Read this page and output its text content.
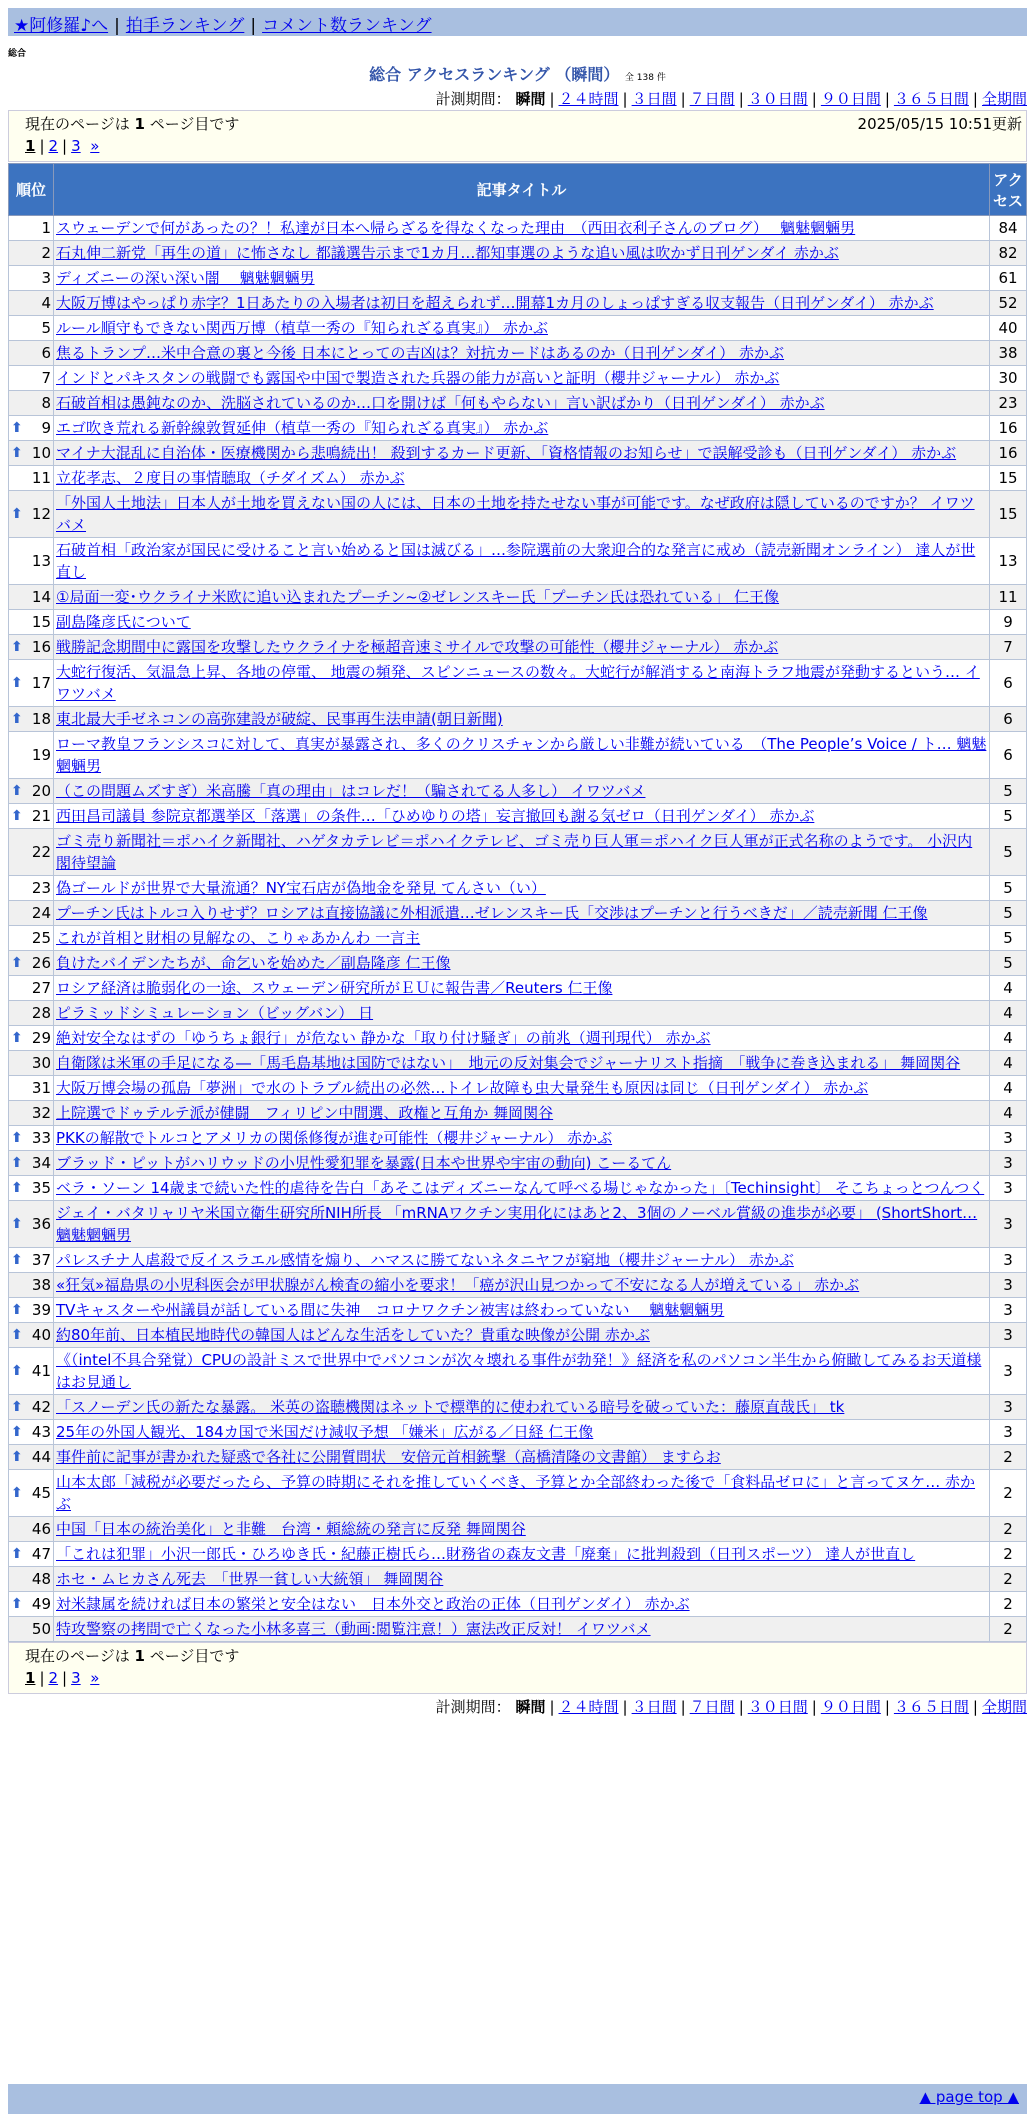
★阿修羅♪へ | 拍手ランキング | コメント数ランキング
総合
総合 アクセスランキング （瞬間） 全 138 件
計測期間： 瞬間 | ２４時間 | ３日間 | ７日間 | ３０日間 | ９０日間 | ３６５日間 | 全期間
現在のページは 1 ページ目です	2025/05/15 10:51更新
1 | 2 | 3 »
順位	記事タイトル	アクセス
1	スウェーデンで何があったの？！私達が日本へ帰らざるを得なくなった理由　（西田衣利子さんのブログ）　 魑魅魍魎男	84
2	石丸伸二新党「再生の道」に怖さなし 都議選告示まで1カ月…都知事選のような追い風は吹かず日刊ゲンダイ 赤かぶ	82
3	ディズニーの深い深い闇　 魑魅魍魎男	61
4	大阪万博はやっぱり赤字？1日あたりの入場者は初日を超えられず…開幕1カ月のしょっぱすぎる収支報告（日刊ゲンダイ） 赤かぶ	52
5	ルール順守もできない関西万博（植草一秀の『知られざる真実』） 赤かぶ	40
6	焦るトランプ…米中合意の裏と今後 日本にとっての吉凶は？対抗カードはあるのか（日刊ゲンダイ） 赤かぶ	38
7	インドとパキスタンの戦闘でも露国や中国で製造された兵器の能力が高いと証明（櫻井ジャーナル） 赤かぶ	30
8	石破首相は愚鈍なのか、洗脳されているのか…口を開けば「何もやらない」言い訳ばかり（日刊ゲンダイ） 赤かぶ	23

⬆ 9	エゴ吹き荒れる新幹線敦賀延伸（植草一秀の『知られざる真実』） 赤かぶ	16

⬆ 10	マイナ大混乱に自治体・医療機関から悲鳴続出！ 殺到するカード更新、「資格情報のお知らせ」で誤解受診も（日刊ゲンダイ） 赤かぶ	16
11	立花孝志、２度目の事情聴取（チダイズム） 赤かぶ	15

⬆ 12	「外国人土地法」日本人が土地を買えない国の人には、日本の土地を持たせない事が可能です。なぜ政府は隠しているのですか？ イワツバメ	15
13	石破首相「政治家が国民に受けること言い始めると国は滅びる」…参院選前の大衆迎合的な発言に戒め（読売新聞オンライン） 達人が世直し	13
14	①局面一変･ウクライナ米欧に追い込まれたプーチン~②ゼレンスキー氏「プーチン氏は恐れている」 仁王像	11
15	副島隆彦氏について	9

⬆ 16	戦勝記念期間中に露国を攻撃したウクライナを極超音速ミサイルで攻撃の可能性（櫻井ジャーナル） 赤かぶ	7

⬆ 17	大蛇行復活、気温急上昇、各地の停電、 地震の頻発、スピンニュースの数々。大蛇行が解消すると南海トラフ地震が発動するという… イワツバメ	6

⬆ 18	東北最大手ゼネコンの高弥建設が破綻、民事再生法申請(朝日新聞)	6
19	ローマ教皇フランシスコに対して、真実が暴露され、多くのクリスチャンから厳しい非難が続いている　（The People’s Voice / ト… 魑魅魍魎男	6

⬆ 20	（この問題ムズすぎ）米高騰「真の理由」はコレだ！（騙されてる人多し） イワツバメ	5

⬆ 21	西田昌司議員 参院京都選挙区「落選」の条件…「ひめゆりの塔」妄言撤回も謝る気ゼロ（日刊ゲンダイ） 赤かぶ	5
22	ゴミ売り新聞社＝ポハイク新聞社、ハゲタカテレビ＝ポハイクテレビ、ゴミ売り巨人軍＝ポハイク巨人軍が正式名称のようです。 小沢内閣待望論	5
23	偽ゴールドが世界で大量流通？NY宝石店が偽地金を発見 てんさい（い）	5
24	プーチン氏はトルコ入りせず？ロシアは直接協議に外相派遣…ゼレンスキー氏「交渉はプーチンと行うべきだ」／読売新聞 仁王像	5
25	これが首相と財相の見解なの、こりゃあかんわ 一言主	5

⬆ 26	負けたバイデンたちが、命乞いを始めた／副島隆彦 仁王像	5
27	ロシア経済は脆弱化の一途、スウェーデン研究所がＥＵに報告書／Reuters 仁王像	4
28	ピラミッドシミュレーション（ビッグバン） 日	4

⬆ 29	絶対安全なはずの「ゆうちょ銀行」が危ない 静かな「取り付け騒ぎ」の前兆（週刊現代） 赤かぶ	4
30	自衛隊は米軍の手足になる―「馬毛島基地は国防ではない」　地元の反対集会でジャーナリスト指摘　「戦争に巻き込まれる」 舞岡関谷	4
31	大阪万博会場の孤島「夢洲」で水のトラブル続出の必然…トイレ故障も虫大量発生も原因は同じ（日刊ゲンダイ） 赤かぶ	4
32	上院選でドゥテルテ派が健闘　フィリピン中間選、政権と互角か 舞岡関谷	4

⬆ 33	PKKの解散でトルコとアメリカの関係修復が進む可能性（櫻井ジャーナル） 赤かぶ	3

⬆ 34	ブラッド・ピットがハリウッドの小児性愛犯罪を暴露(日本や世界や宇宙の動向) こーるてん	3

⬆ 35	ベラ・ソーン 14歳まで続いた性的虐待を告白「あそこはディズニーなんて呼べる場じゃなかった」〔Techinsight〕 そこちょっとつんつく	3

⬆ 36	ジェイ・バタリャリヤ米国立衛生研究所NIH所長 「mRNAワクチン実用化にはあと2、3個のノーベル賞級の進歩が必要」 (ShortShort… 魑魅魍魎男	3

⬆ 37	パレスチナ人虐殺で反イスラエル感情を煽り、ハマスに勝てないネタニヤフが窮地（櫻井ジャーナル） 赤かぶ	3
38	«狂気»福島県の小児科医会が甲状腺がん検査の縮小を要求！「癌が沢山見つかって不安になる人が増えている」 赤かぶ	3

⬆ 39	TVキャスターや州議員が話している間に失神　コロナワクチン被害は終わっていない　 魑魅魍魎男	3

⬆ 40	約80年前、日本植民地時代の韓国人はどんな生活をしていた？貴重な映像が公開 赤かぶ	3

⬆ 41	《（intel不具合発覚）CPUの設計ミスで世界中でパソコンが次々壊れる事件が勃発！》経済を私のパソコン半生から俯瞰してみるお天道様はお見通し	3

⬆ 42	「スノーデン氏の新たな暴露。 米英の盗聴機関はネットで標準的に使われている暗号を破っていた：藤原直哉氏」 tk	3

⬆ 43	25年の外国人観光、184カ国で米国だけ減収予想 「嫌米」広がる／日経 仁王像	3

⬆ 44	事件前に記事が書かれた疑惑で各社に公開質問状　安倍元首相銃撃（高橋清隆の文書館） ますらお	2

⬆ 45	山本太郎「減税が必要だったら、予算の時期にそれを推していくべき、予算とか全部終わった後で「食料品ゼロに」と言ってヌケ… 赤かぶ	2
46	中国「日本の統治美化」と非難　台湾・頼総統の発言に反発 舞岡関谷	2

⬆ 47	「これは犯罪」小沢一郎氏・ひろゆき氏・紀藤正樹氏ら…財務省の森友文書「廃棄」に批判殺到（日刊スポーツ） 達人が世直し	2
48	ホセ・ムヒカさん死去　「世界一貧しい大統領」 舞岡関谷	2

⬆ 49	対米隷属を続ければ日本の繁栄と安全はない　日本外交と政治の正体（日刊ゲンダイ） 赤かぶ	2
50	特攻警察の拷問で亡くなった小林多喜三（動画:閲覧注意！）憲法改正反対！ イワツバメ	2
現在のページは 1 ページ目です
1 | 2 | 3 »
計測期間： 瞬間 | ２４時間 | ３日間 | ７日間 | ３０日間 | ９０日間 | ３６５日間 | 全期間
▲ page top ▲
